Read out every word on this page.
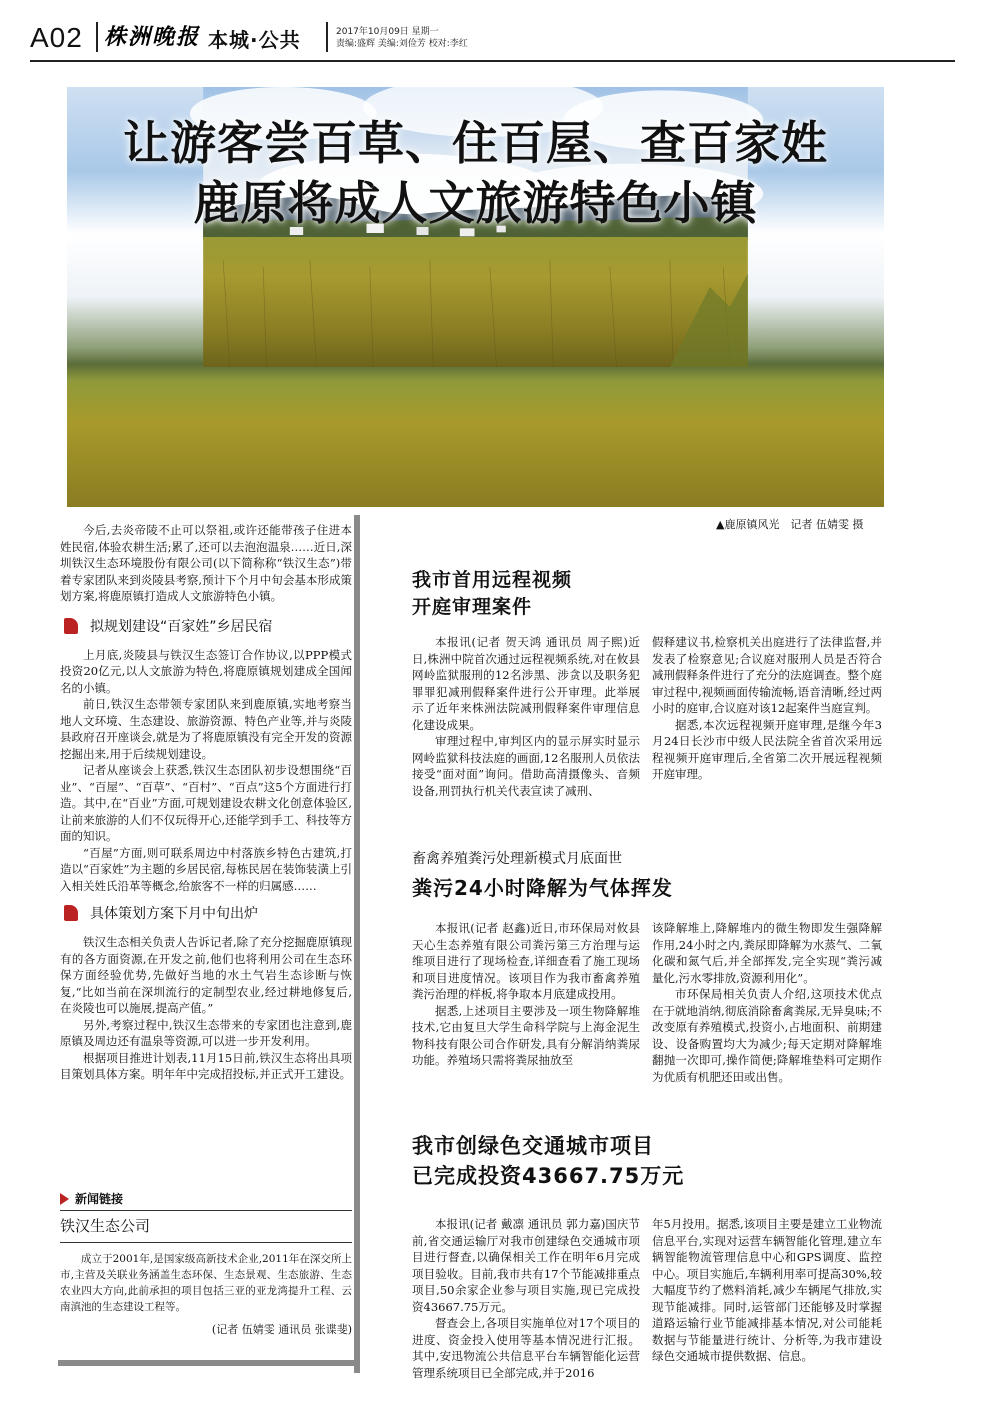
A02 株洲晚报 本城·公共	2017年10月09日 星期一
责编:盛辉 美编:刘俭芳 校对:李红
让游客尝百草、住百屋、查百家姓
鹿原将成人文旅游特色小镇
▲鹿原镇风光　记者 伍婧雯 摄

今后,去炎帝陵不止可以祭祖,或许还能带孩子住进本姓民宿,体验农耕生活;累了,还可以去泡泡温泉……近日,深圳铁汉生态环境股份有限公司(以下简称称“铁汉生态”)带着专家团队来到炎陵县考察,预计下个月中旬会基本形成策划方案,将鹿原镇打造成人文旅游特色小镇。

拟规划建设“百家姓”乡居民宿

上月底,炎陵县与铁汉生态签订合作协议,以PPP模式投资20亿元,以人文旅游为特色,将鹿原镇规划建成全国闻名的小镇。

前日,铁汉生态带领专家团队来到鹿原镇,实地考察当地人文环境、生态建设、旅游资源、特色产业等,并与炎陵县政府召开座谈会,就是为了将鹿原镇没有完全开发的资源挖掘出来,用于后续规划建设。

记者从座谈会上获悉,铁汉生态团队初步设想围绕“百业”、“百屋”、“百草”、“百村”、“百点”这5个方面进行打造。其中,在“百业”方面,可规划建设农耕文化创意体验区,让前来旅游的人们不仅玩得开心,还能学到手工、科技等方面的知识。

“百屋”方面,则可联系周边中村落族乡特色古建筑,打造以“百家姓”为主题的乡居民宿,每栋民居在装饰装潢上引入相关姓氏沿革等概念,给旅客不一样的归属感……

具体策划方案下月中旬出炉

铁汉生态相关负责人告诉记者,除了充分挖掘鹿原镇现有的各方面资源,在开发之前,他们也将利用公司在生态环保方面经验优势,先做好当地的水土气岩生态诊断与恢复,“比如当前在深圳流行的定制型农业,经过耕地修复后,在炎陵也可以施展,提高产值。”

另外,考察过程中,铁汉生态带来的专家团也注意到,鹿原镇及周边还有温泉等资源,可以进一步开发利用。

根据项目推进计划表,11月15日前,铁汉生态将出具项目策划具体方案。明年年中完成招投标,并正式开工建设。

新闻链接
铁汉生态公司

成立于2001年,是国家级高新技术企业,2011年在深交所上市,主营及关联业务涵盖生态环保、生态景观、生态旅游、生态农业四大方向,此前承担的项目包括三亚的亚龙湾提升工程、云南滇池的生态建设工程等。

(记者 伍婧雯 通讯员 张谍斐)
我市首用远程视频
开庭审理案件

本报讯(记者 贺天鸿 通讯员 周子熙)近日,株洲中院首次通过远程视频系统,对在攸县网岭监狱服刑的12名涉黑、涉贪以及职务犯罪罪犯减刑假释案件进行公开审理。此举展示了近年来株洲法院减刑假释案件审理信息化建设成果。

审理过程中,审判区内的显示屏实时显示网岭监狱科技法庭的画面,12名服刑人员依法接受“面对面”询问。借助高清摄像头、音频设备,刑罚执行机关代表宣读了减刑、

假释建议书,检察机关出庭进行了法律监督,并发表了检察意见;合议庭对服刑人员是否符合减刑假释条件进行了充分的法庭调查。整个庭审过程中,视频画面传输流畅,语音清晰,经过两小时的庭审,合议庭对该12起案件当庭宣判。

据悉,本次远程视频开庭审理,是继今年3月24日长沙市中级人民法院全省首次采用远程视频开庭审理后,全省第二次开展远程视频开庭审理。

畜禽养殖粪污处理新模式月底面世
粪污24小时降解为气体挥发

本报讯(记者 赵鑫)近日,市环保局对攸县天心生态养殖有限公司粪污第三方治理与运维项目进行了现场检查,详细查看了施工现场和项目进度情况。该项目作为我市畜禽养殖粪污治理的样板,将争取本月底建成投用。

据悉,上述项目主要涉及一项生物降解堆技术,它由复旦大学生命科学院与上海金泥生物科技有限公司合作研发,具有分解消纳粪尿功能。养殖场只需将粪尿抽放至

该降解堆上,降解堆内的微生物即发生强降解作用,24小时之内,粪尿即降解为水蒸气、二氧化碳和氮气后,并全部挥发,完全实现“粪污减量化,污水零排放,资源利用化”。

市环保局相关负责人介绍,这项技术优点在于就地消纳,彻底消除畜禽粪尿,无异臭味;不改变原有养殖模式,投资小,占地面积、前期建设、设备购置均大为减少;每天定期对降解堆翻抛一次即可,操作简便;降解堆垫料可定期作为优质有机肥还田或出售。

我市创绿色交通城市项目
已完成投资43667.75万元

本报讯(记者 戴凛 通讯员 郭力嘉)国庆节前,省交通运输厅对我市创建绿色交通城市项目进行督查,以确保相关工作在明年6月完成项目验收。目前,我市共有17个节能减排重点项目,50余家企业参与项目实施,现已完成投资43667.75万元。

督查会上,各项目实施单位对17个项目的进度、资金投入使用等基本情况进行汇报。其中,安迅物流公共信息平台车辆智能化运营管理系统项目已全部完成,并于2016

年5月投用。据悉,该项目主要是建立工业物流信息平台,实现对运营车辆智能化管理,建立车辆智能物流管理信息中心和GPS调度、监控中心。项目实施后,车辆利用率可提高30%,较大幅度节约了燃料消耗,减少车辆尾气排放,实现节能减排。同时,运管部门还能够及时掌握道路运输行业节能减排基本情况,对公司能耗数据与节能量进行统计、分析等,为我市建设绿色交通城市提供数据、信息。
